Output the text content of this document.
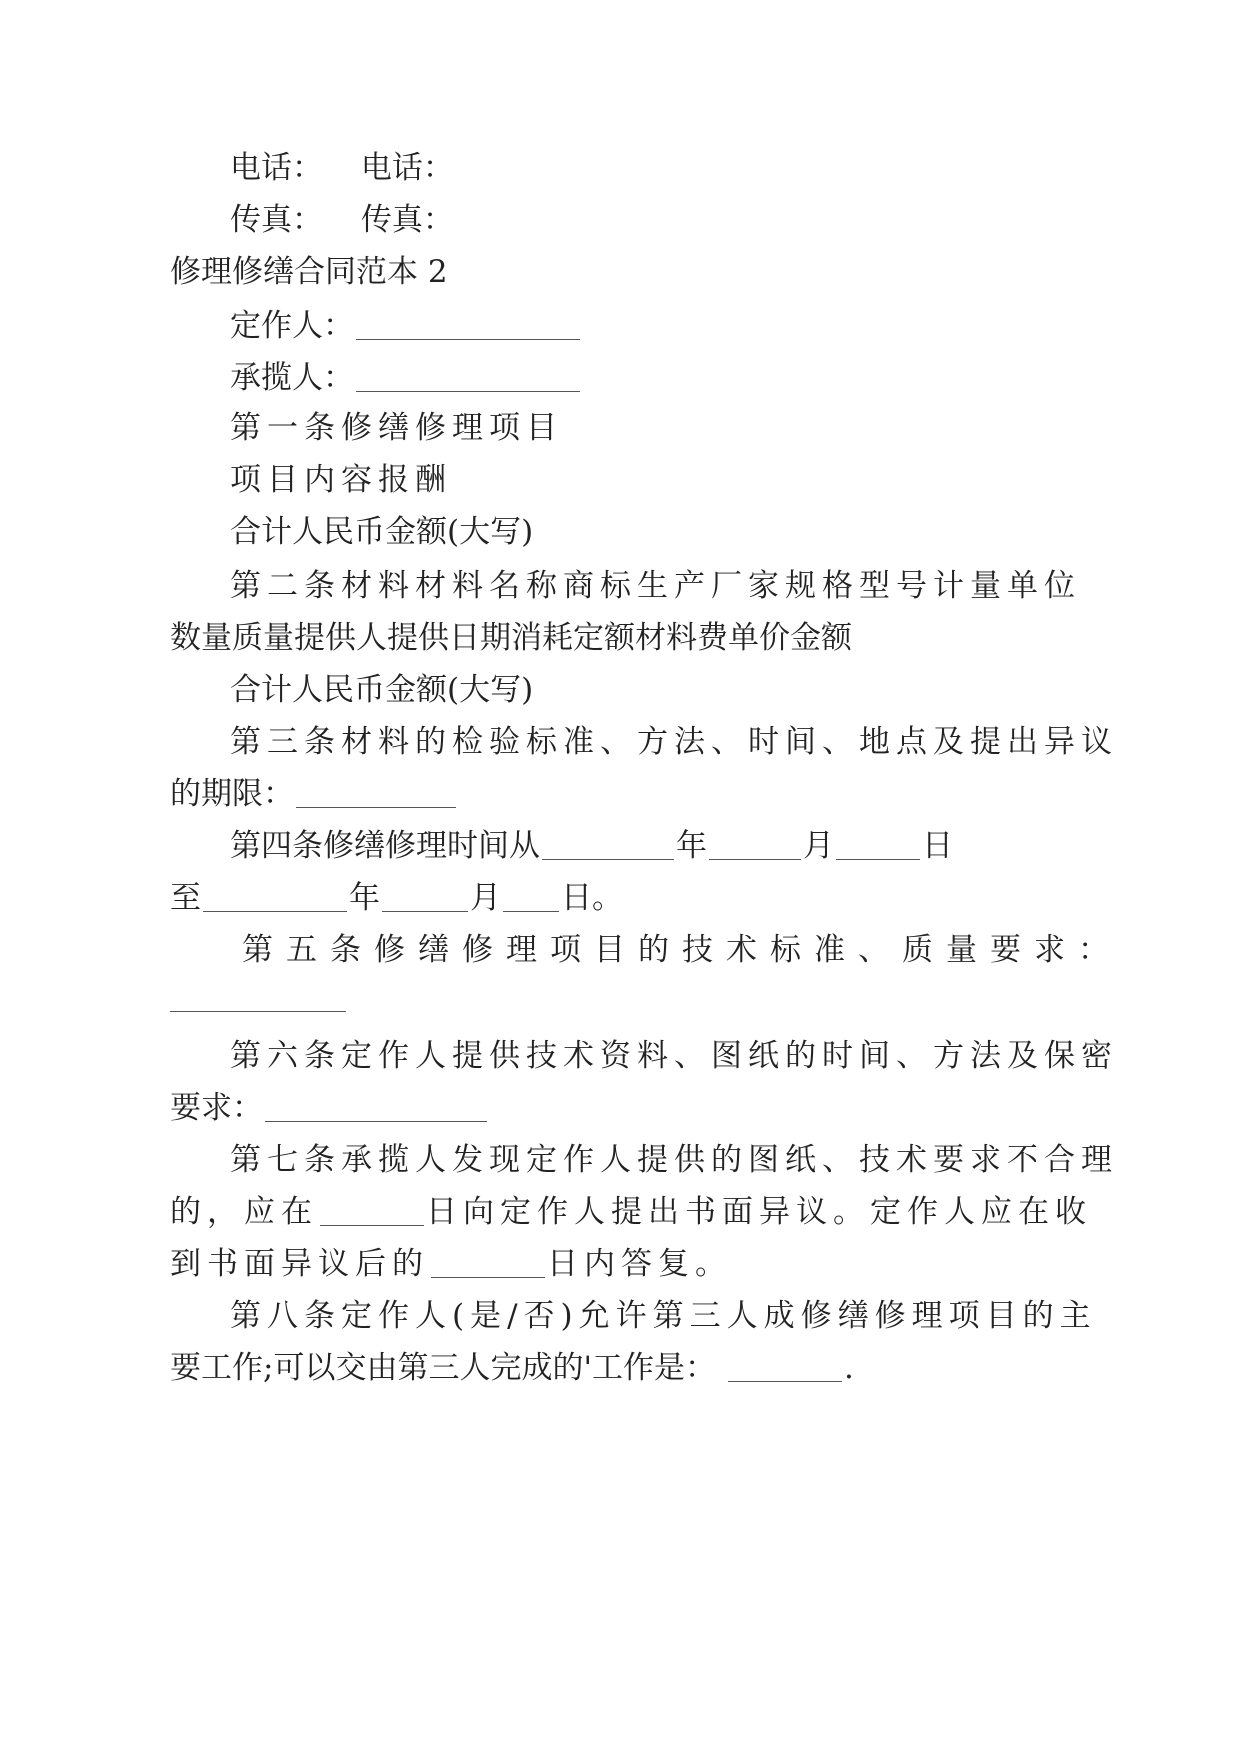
电话： 电话：
传真： 传真：
修理修缮合同范本 2
定作人：
承揽人：
第一条修缮修理项目
项目内容报酬
合计人民币金额(大写)
第二条材料材料名称商标生产厂家规格型号计量单位
数量质量提供人提供日期消耗定额材料费单价金额
合计人民币金额(大写)
第三条材料的检验标准、方法、时间、地点及提出异议
的期限：
第四条修缮修理时间从	年	月	日
至	年	月 日。
第五条修缮修理项目的技术标准、质量要求：
第六条定作人提供技术资料、图纸的时间、方法及保密
要求：
第七条承揽人发现定作人提供的图纸、技术要求不合理
的，应在	日向定作人提出书面异议。定作人应在收
到书面异议后的	日内答复。
第八条定作人(是/否)允许第三人成修缮修理项目的主
要工作;可以交由第三人完成的'工作是：	.
